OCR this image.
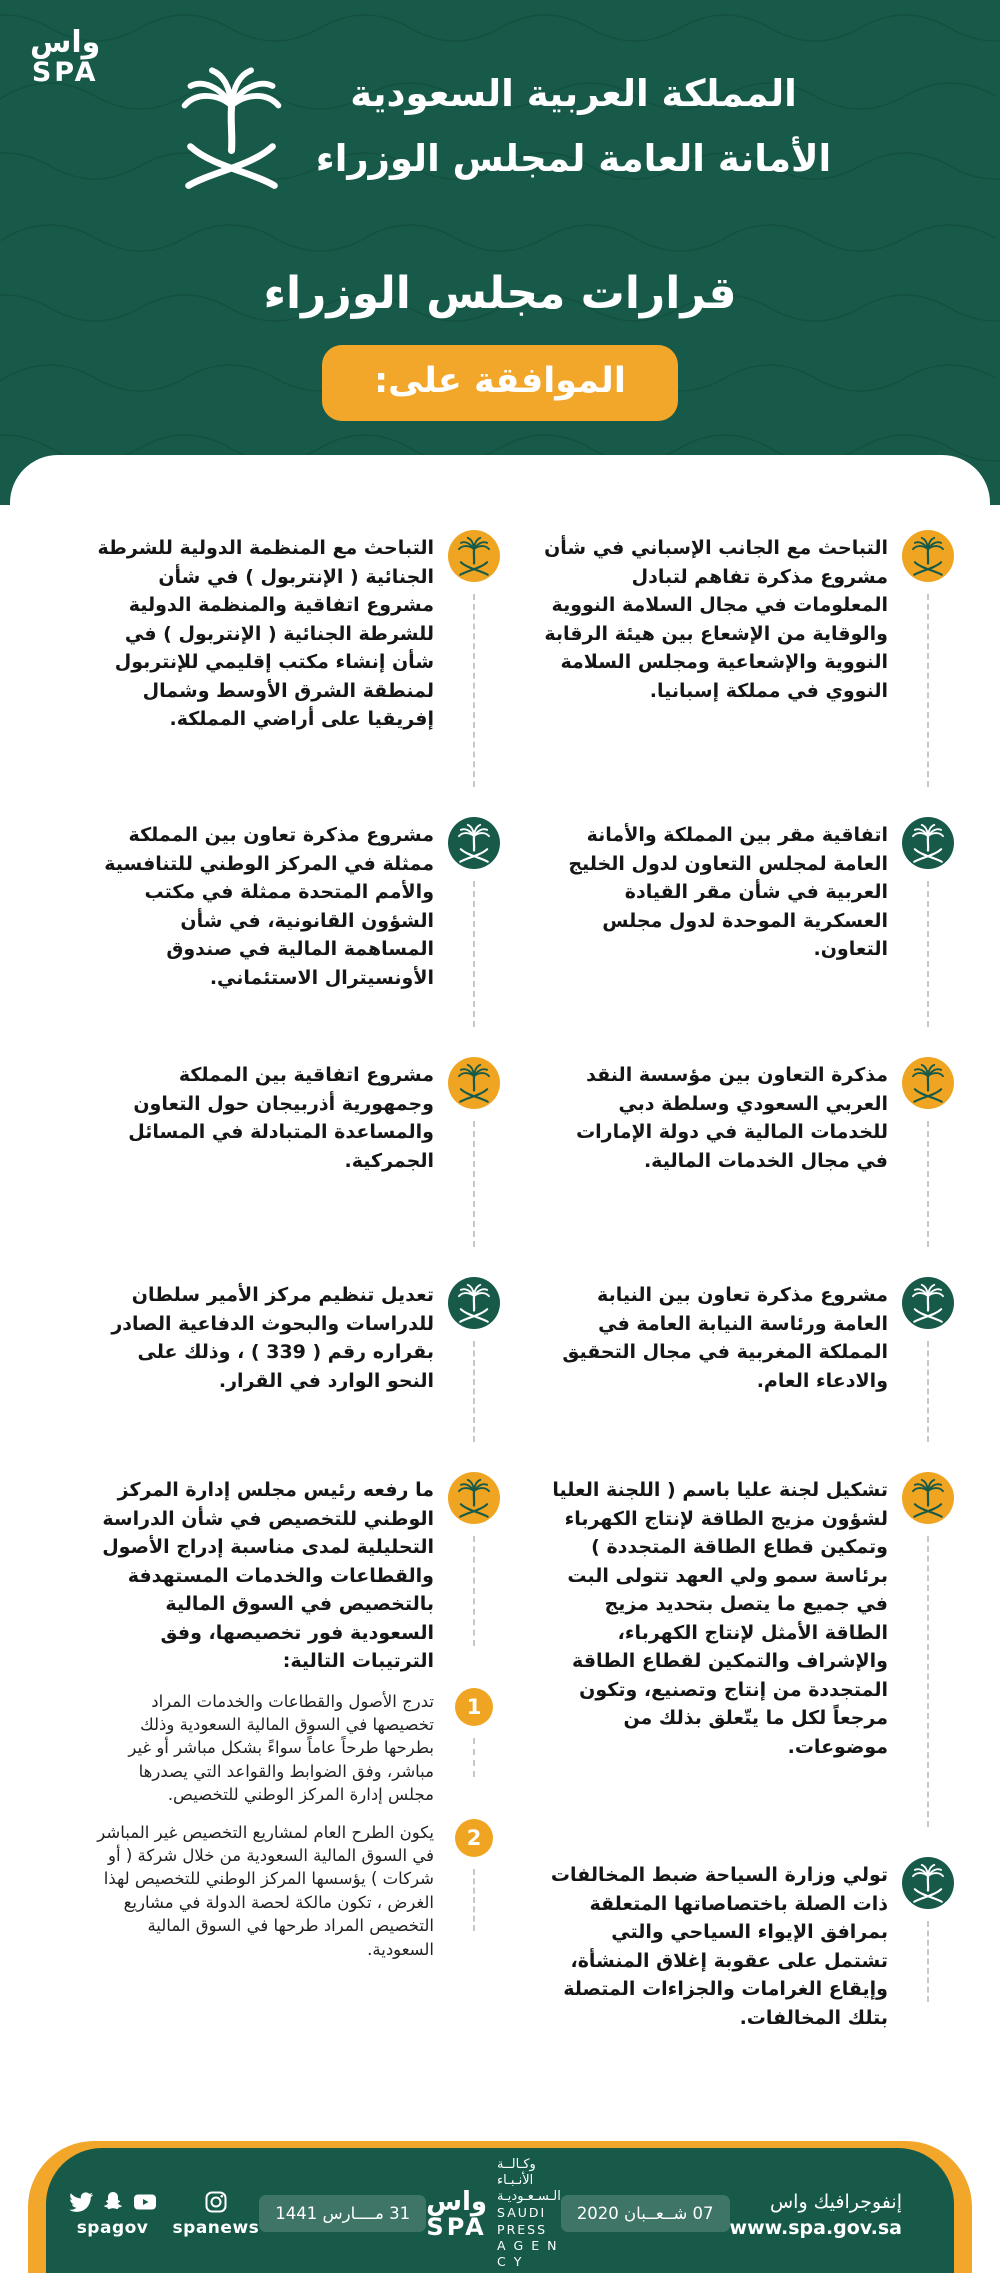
واس
SPA
المملكة العربية السعودية
الأمانة العامة لمجلس الوزراء
قرارات مجلس الوزراء
الموافقة على:
التباحث مع الجانب الإسباني في شأن مشروع مذكرة تفاهم لتبادل المعلومات في مجال السلامة النووية والوقاية من الإشعاع بين هيئة الرقابة النووية والإشعاعية ومجلس السلامة النووي في مملكة إسبانيا.
التباحث مع المنظمة الدولية للشرطة الجنائية ( الإنتربول ) في شأن مشروع اتفاقية والمنظمة الدولية للشرطة الجنائية ( الإنتربول ) في شأن إنشاء مكتب إقليمي للإنتربول لمنطقة الشرق الأوسط وشمال إفريقيا على أراضي المملكة.
اتفاقية مقر بين المملكة والأمانة العامة لمجلس التعاون لدول الخليج العربية في شأن مقر القيادة العسكرية الموحدة لدول مجلس التعاون.
مشروع مذكرة تعاون بين المملكة ممثلة في المركز الوطني للتنافسية والأمم المتحدة ممثلة في مكتب الشؤون القانونية، في شأن المساهمة المالية في صندوق الأونسيترال الاستئماني.
مذكرة التعاون بين مؤسسة النقد العربي السعودي وسلطة دبي للخدمات المالية في دولة الإمارات في مجال الخدمات المالية.
مشروع اتفاقية بين المملكة وجمهورية أذربيجان حول التعاون والمساعدة المتبادلة في المسائل الجمركية.
مشروع مذكرة تعاون بين النيابة العامة ورئاسة النيابة العامة في المملكة المغربية في مجال التحقيق والادعاء العام.
تعديل تنظيم مركز الأمير سلطان للدراسات والبحوث الدفاعية الصادر بقراره رقم ( 339 ) ، وذلك على النحو الوارد في القرار.
تشكيل لجنة عليا باسم ( اللجنة العليا لشؤون مزيج الطاقة لإنتاج الكهرباء وتمكين قطاع الطاقة المتجددة ) برئاسة سمو ولي العهد تتولى البت في جميع ما يتصل بتحديد مزيج الطاقة الأمثل لإنتاج الكهرباء، والإشراف والتمكين لقطاع الطاقة المتجددة من إنتاج وتصنيع، وتكون مرجعاً لكل ما يتّعلق بذلك من موضوعات.
ما رفعه رئيس مجلس إدارة المركز الوطني للتخصيص في شأن الدراسة التحليلية لمدى مناسبة إدراج الأصول والقطاعات والخدمات المستهدفة بالتخصيص في السوق المالية السعودية فور تخصيصها، وفق الترتيبات التالية:
1
تدرج الأصول والقطاعات والخدمات المراد تخصيصها في السوق المالية السعودية وذلك بطرحها طرحاً عاماً سواءً بشكل مباشر أو غير مباشر، وفق الضوابط والقواعد التي يصدرها مجلس إدارة المركز الوطني للتخصيص.
2
يكون الطرح العام لمشاريع التخصيص غير المباشر في السوق المالية السعودية من خلال شركة ( أو شركات ) يؤسسها المركز الوطني للتخصيص لهذا الغرض ، تكون مالكة لحصة الدولة في مشاريع التخصيص المراد طرحها في السوق المالية السعودية.
تولي وزارة السياحة ضبط المخالفات ذات الصلة باختصاصاتها المتعلقة بمرافق الإيواء السياحي والتي تشتمل على عقوبة إغلاق المنشأة، وإيقاع الغرامات والجزاءات المتصلة بتلك المخالفات.
إنفوجرافيك واس
www.spa.gov.sa
07 شــعــبان 2020
واس
SPA
وكـالــة الأنـبـاء
الـسـعـوديـة
SAUDI PRESS
A G E N C Y
31 مــــارس 1441
spagov	spanews
